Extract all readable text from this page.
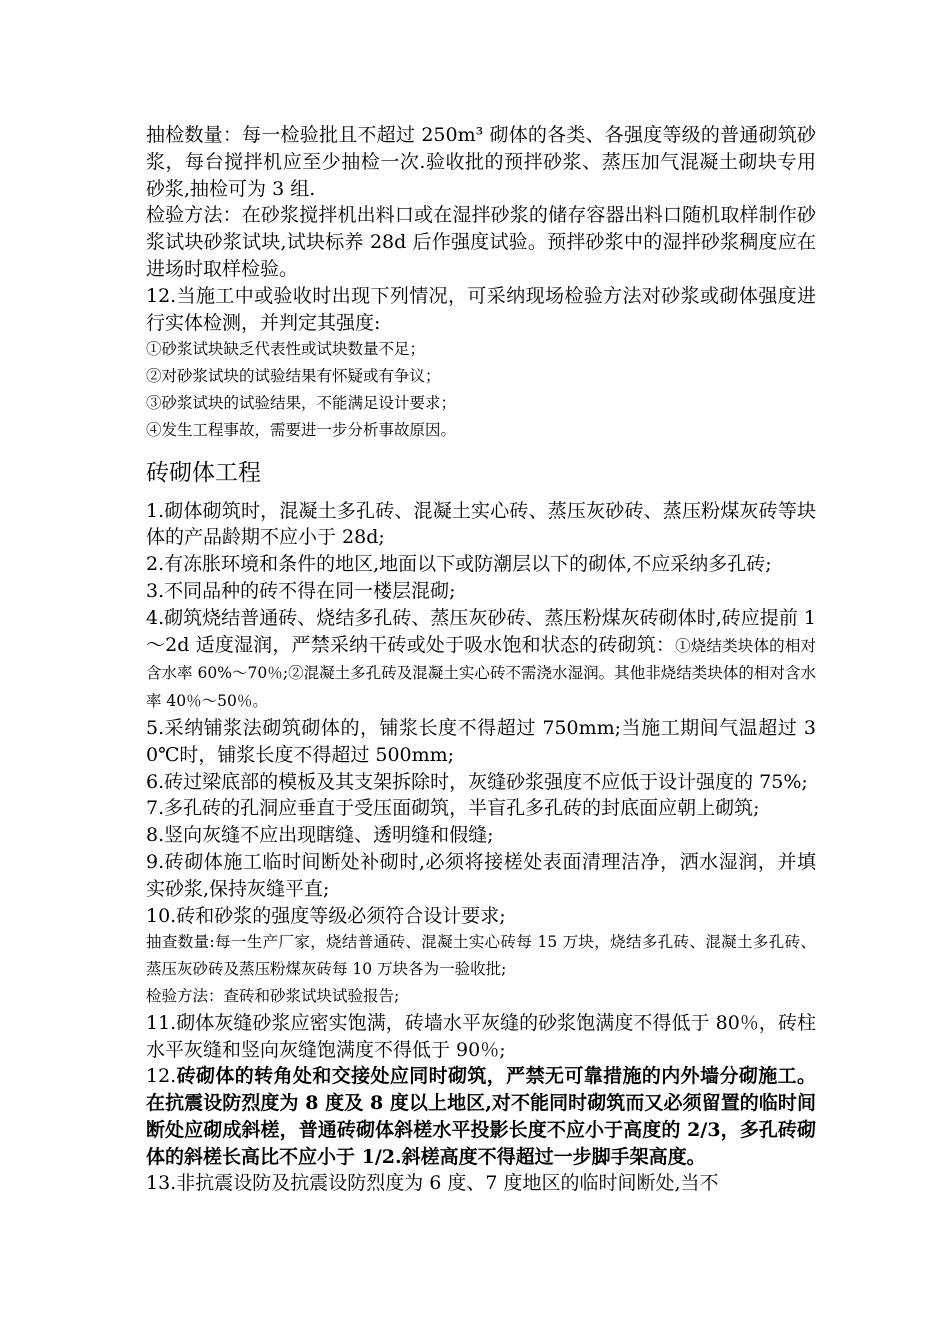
抽检数量：每一检验批且不超过 250m³ 砌体的各类、各强度等级的普通砌筑砂浆，每台搅拌机应至少抽检一次.验收批的预拌砂浆、蒸压加气混凝土砌块专用砂浆,抽检可为 3 组.

检验方法：在砂浆搅拌机出料口或在湿拌砂浆的储存容器出料口随机取样制作砂浆试块砂浆试块,试块标养 28d 后作强度试验。预拌砂浆中的湿拌砂浆稠度应在进场时取样检验。

12.当施工中或验收时出现下列情况，可采纳现场检验方法对砂浆或砌体强度进行实体检测，并判定其强度:

①砂浆试块缺乏代表性或试块数量不足；

②对砂浆试块的试验结果有怀疑或有争议；

③砂浆试块的试验结果，不能满足设计要求；

④发生工程事故，需要进一步分析事故原因。

砖砌体工程

1.砌体砌筑时，混凝土多孔砖、混凝土实心砖、蒸压灰砂砖、蒸压粉煤灰砖等块体的产品龄期不应小于 28d;

2.有冻胀环境和条件的地区,地面以下或防潮层以下的砌体,不应采纳多孔砖;

3.不同品种的砖不得在同一楼层混砌;

4.砌筑烧结普通砖、烧结多孔砖、蒸压灰砂砖、蒸压粉煤灰砖砌体时,砖应提前 1～2d 适度湿润，严禁采纳干砖或处于吸水饱和状态的砖砌筑：①烧结类块体的相对含水率 60%～70％;②混凝土多孔砖及混凝土实心砖不需浇水湿润。其他非烧结类块体的相对含水率 40％～50％。

5.采纳铺浆法砌筑砌体的，铺浆长度不得超过 750mm;当施工期间气温超过 30℃时，铺浆长度不得超过 500mm;

6.砖过梁底部的模板及其支架拆除时，灰缝砂浆强度不应低于设计强度的 75%;

7.多孔砖的孔洞应垂直于受压面砌筑，半盲孔多孔砖的封底面应朝上砌筑;

8.竖向灰缝不应出现瞎缝、透明缝和假缝;

9.砖砌体施工临时间断处补砌时,必须将接槎处表面清理洁净，洒水湿润，并填实砂浆,保持灰缝平直;

10.砖和砂浆的强度等级必须符合设计要求;

抽查数量:每一生产厂家，烧结普通砖、混凝土实心砖每 15 万块，烧结多孔砖、混凝土多孔砖、蒸压灰砂砖及蒸压粉煤灰砖每 10 万块各为一验收批;

检验方法：查砖和砂浆试块试验报告;

11.砌体灰缝砂浆应密实饱满，砖墙水平灰缝的砂浆饱满度不得低于 80％，砖柱水平灰缝和竖向灰缝饱满度不得低于 90％;

12.砖砌体的转角处和交接处应同时砌筑，严禁无可靠措施的内外墙分砌施工。在抗震设防烈度为 8 度及 8 度以上地区,对不能同时砌筑而又必须留置的临时间断处应砌成斜槎，普通砖砌体斜槎水平投影长度不应小于高度的 2/3，多孔砖砌体的斜槎长高比不应小于 1/2.斜槎高度不得超过一步脚手架高度。

13.非抗震设防及抗震设防烈度为 6 度、7 度地区的临时间断处,当不
